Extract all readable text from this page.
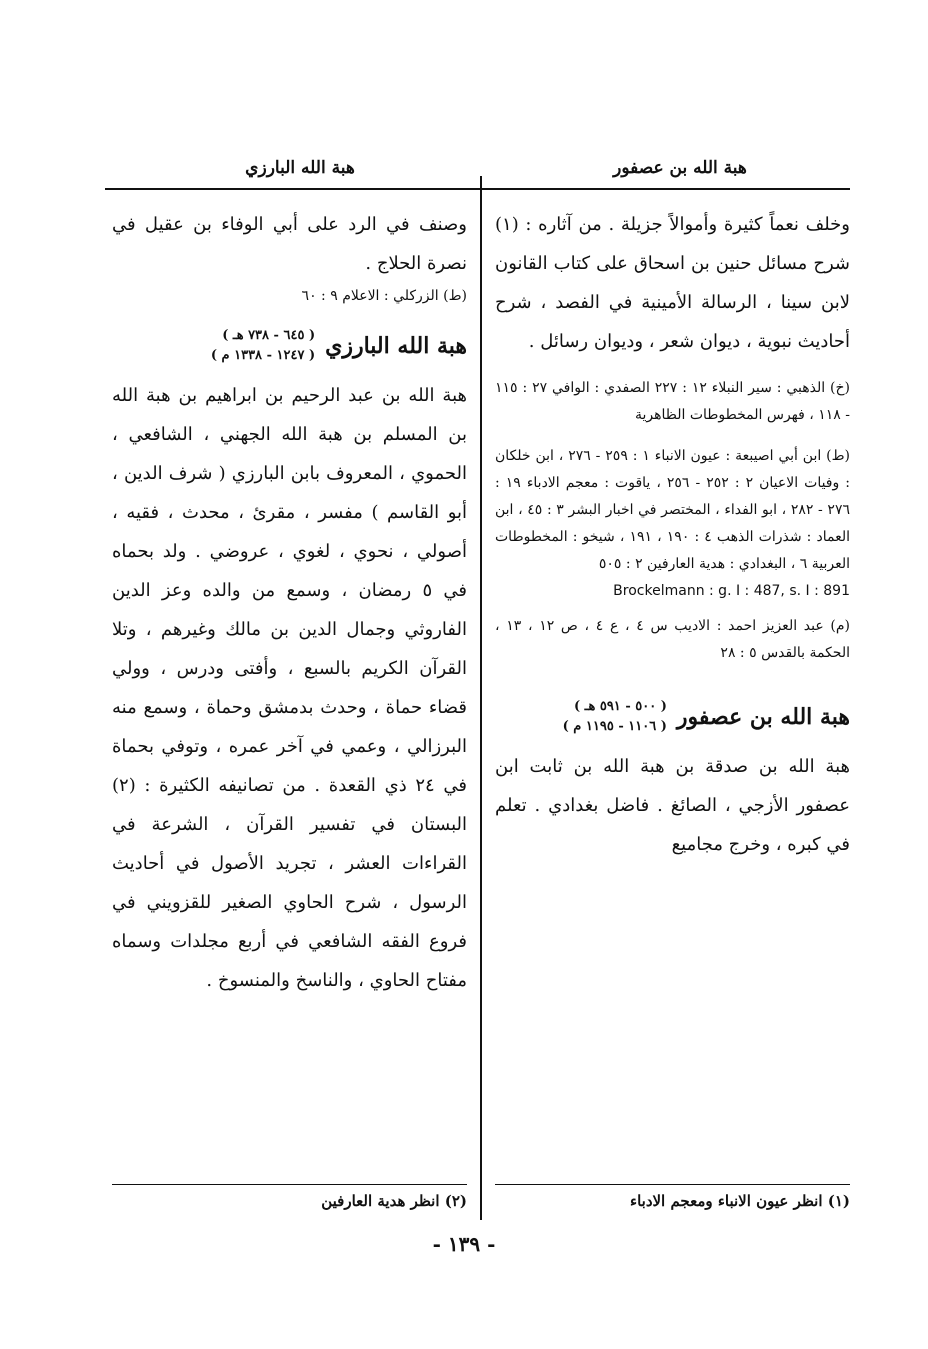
هبة الله بن عصفور
هبة الله البارزي

وخلف نعماً كثيرة وأموالاً جزيلة . من آثاره : (١) شرح مسائل حنين بن اسحاق على كتاب القانون لابن سينا ، الرسالة الأمينية في الفصد ، شرح أحاديث نبوية ، ديوان شعر ، وديوان رسائل .

(خ) الذهبي : سير النبلاء ١٢ : ٢٢٧ الصفدي : الوافي ٢٧ : ١١٥ - ١١٨ ، فهرس المخطوطات الظاهرية

(ط) ابن أبي اصيبعة : عيون الانباء ١ : ٢٥٩ - ٢٧٦ ، ابن خلكان : وفيات الاعيان ٢ : ٢٥٢ - ٢٥٦ ، ياقوت : معجم الادباء ١٩ : ٢٧٦ - ٢٨٢ ، ابو الفداء ، المختصر في اخبار البشر ٣ : ٤٥ ، ابن العماد : شذرات الذهب ٤ : ١٩٠ ، ١٩١ ، شيخو : المخطوطات العربية ٦ ، البغدادي : هدية العارفين ٢ : ٥٠٥

Brockelmann : g. I : 487, s. I : 891

(م) عبد العزيز احمد : الاديب س ٤ ، ع ٤ ، ص ١٢ ، ١٣ ، الحكمة بالقدس ٥ : ٢٨

هبة الله بن عصفور
( ٥٠٠ - ٥٩١ هـ )
( ١١٠٦ - ١١٩٥ م )

هبة الله بن صدقة بن هبة الله بن ثابت ابن عصفور الأزجي ، الصائغ . فاضل بغدادي . تعلم في كبره ، وخرج مجاميع

وصنف في الرد على أبي الوفاء بن عقيل في نصرة الحلاج .

(ط) الزركلي : الاعلام ٩ : ٦٠

هبة الله البارزي
( ٦٤٥ - ٧٣٨ هـ )
( ١٢٤٧ - ١٣٣٨ م )

هبة الله بن عبد الرحيم بن ابراهيم بن هبة الله بن المسلم بن هبة الله الجهني ، الشافعي ، الحموي ، المعروف بابن البارزي ( شرف الدين ، أبو القاسم ) مفسر ، مقرئ ، محدث ، فقيه ، أصولي ، نحوي ، لغوي ، عروضي . ولد بحماه في ٥ رمضان ، وسمع من والده وعز الدين الفاروثي وجمال الدين بن مالك وغيرهم ، وتلا القرآن الكريم بالسبع ، وأفتى ودرس ، وولي قضاء حماة ، وحدث بدمشق وحماة ، وسمع منه البرزالي ، وعمي في آخر عمره ، وتوفي بحماة في ٢٤ ذي القعدة . من تصانيفه الكثيرة : (٢) البستان في تفسير القرآن ، الشرعة في القراءات العشر ، تجريد الأصول في أحاديث الرسول ، شرح الحاوي الصغير للقزويني في فروع الفقه الشافعي في أربع مجلدات وسماه مفتاح الحاوي ، والناسخ والمنسوخ .

(١) انظر عيون الانباء ومعجم الادباء
(٢) انظر هدية العارفين
- ١٣٩ -
